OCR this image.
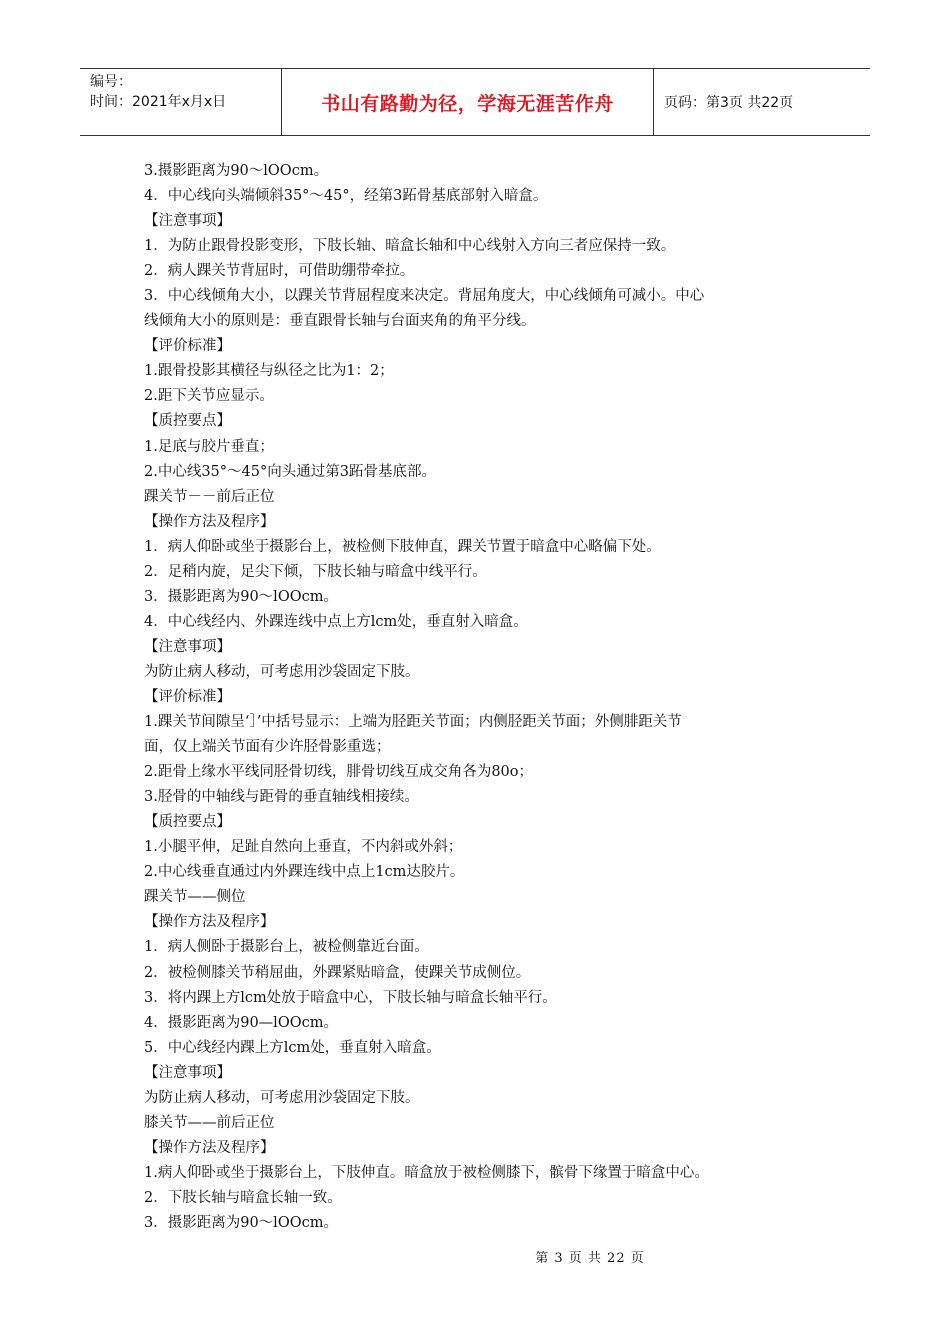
编号：
时间：2021年x月x日	书山有路勤为径，学海无涯苦作舟	页码：第3页 共22页
3.摄影距离为90～lOOcm。
4．中心线向头端倾斜35°～45°，经第3跖骨基底部射入暗盒。
【注意事项】
1．为防止跟骨投影变形，下肢长轴、暗盒长轴和中心线射入方向三者应保持一致。
2．病人踝关节背屈时，可借助绷带牵拉。
3．中心线倾角大小，以踝关节背屈程度来决定。背屈角度大，中心线倾角可减小。中心
线倾角大小的原则是：垂直跟骨长轴与台面夹角的角平分线。
【评价标准】
1.跟骨投影其横径与纵径之比为1：2；
2.距下关节应显示。
【质控要点】
1.足底与胶片垂直；
2.中心线35°～45°向头通过第3跖骨基底部。
踝关节－－前后正位
【操作方法及程序】
1．病人仰卧或坐于摄影台上，被检侧下肢伸直，踝关节置于暗盒中心略偏下处。
2．足稍内旋，足尖下倾，下肢长轴与暗盒中线平行。
3．摄影距离为90～lOOcm。
4．中心线经内、外踝连线中点上方lcm处，垂直射入暗盒。
【注意事项】
为防止病人移动，可考虑用沙袋固定下肢。
【评价标准】
1.踝关节间隙呈‘］’中括号显示：上端为胫距关节面；内侧胫距关节面；外侧腓距关节
面，仅上端关节面有少许胫骨影重选；
2.距骨上缘水平线同胫骨切线，腓骨切线互成交角各为80o；
3.胫骨的中轴线与距骨的垂直轴线相接续。
【质控要点】
1.小腿平伸，足趾自然向上垂直，不内斜或外斜；
2.中心线垂直通过内外踝连线中点上1cm达胶片。
踝关节——侧位
【操作方法及程序】
1．病人侧卧于摄影台上，被检侧靠近台面。
2．被检侧膝关节稍屈曲，外踝紧贴暗盒，使踝关节成侧位。
3．将内踝上方lcm处放于暗盒中心，下肢长轴与暗盒长轴平行。
4．摄影距离为90—lOOcm。
5．中心线经内踝上方lcm处，垂直射入暗盒。
【注意事项】
为防止病人移动，可考虑用沙袋固定下肢。
膝关节——前后正位
【操作方法及程序】
1.病人仰卧或坐于摄影台上，下肢伸直。暗盒放于被检侧膝下，髌骨下缘置于暗盒中心。
2．下肢长轴与暗盒长轴一致。
3．摄影距离为90～lOOcm。
第 3 页 共 22 页
